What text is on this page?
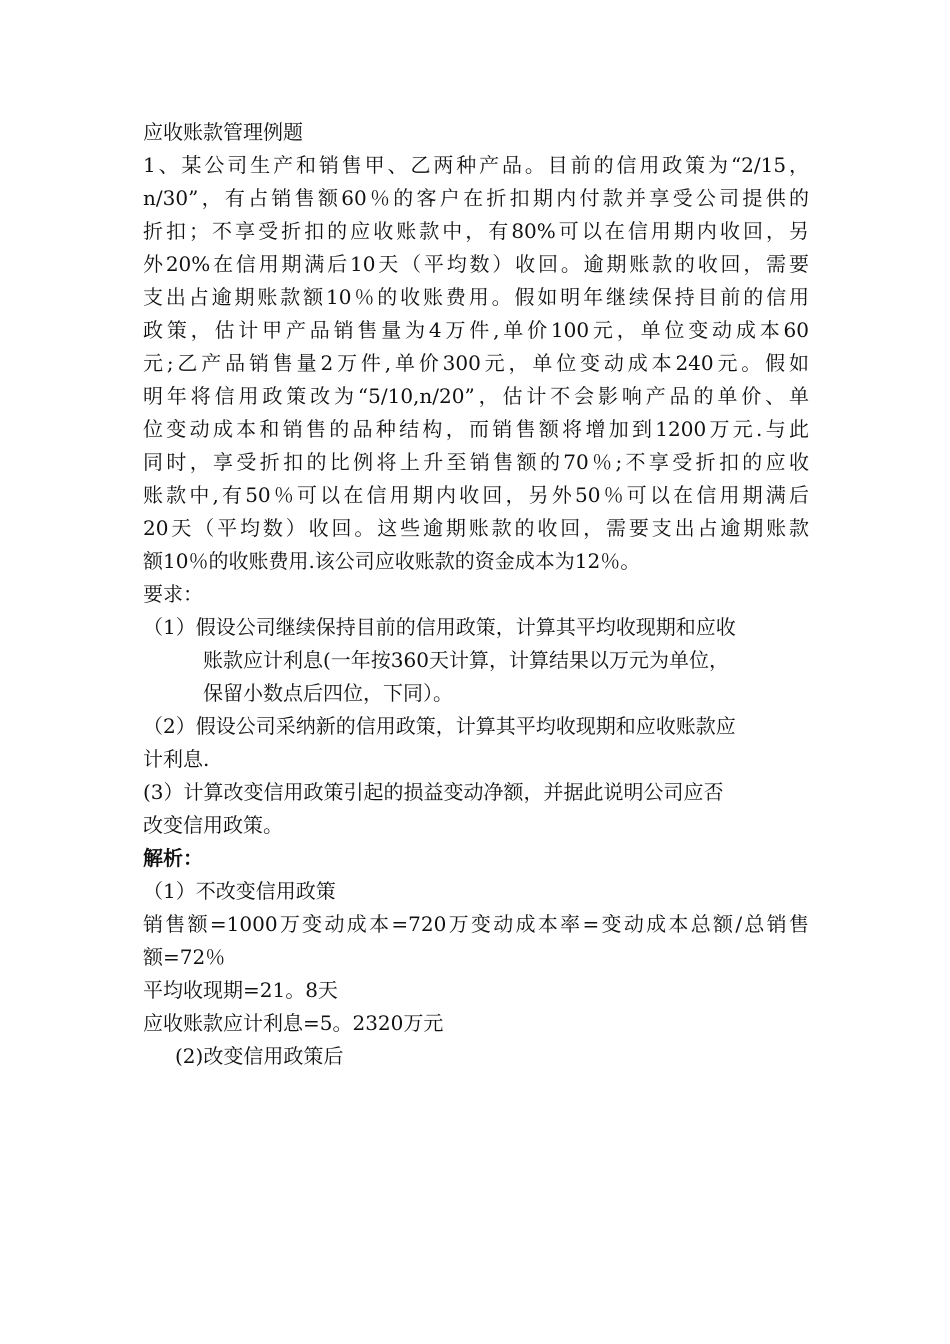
应收账款管理例题
1、某公司生产和销售甲、乙两种产品。目前的信用政策为“2/15，
n/30”，有占销售额60％的客户在折扣期内付款并享受公司提供的
折扣；不享受折扣的应收账款中，有80%可以在信用期内收回，另
外20%在信用期满后10天（平均数）收回。逾期账款的收回，需要
支出占逾期账款额10％的收账费用。假如明年继续保持目前的信用
政策，估计甲产品销售量为4万件,单价100元，单位变动成本60
元;乙产品销售量2万件,单价300元，单位变动成本240元。假如
明年将信用政策改为“5/10,n/20”，估计不会影响产品的单价、单
位变动成本和销售的品种结构，而销售额将增加到1200万元.与此
同时，享受折扣的比例将上升至销售额的70％;不享受折扣的应收
账款中,有50％可以在信用期内收回，另外50％可以在信用期满后
20天（平均数）收回。这些逾期账款的收回，需要支出占逾期账款
额10％的收账费用.该公司应收账款的资金成本为12％。
要求：
（1）假设公司继续保持目前的信用政策，计算其平均收现期和应收
账款应计利息(一年按360天计算，计算结果以万元为单位，
保留小数点后四位，下同）。
（2）假设公司采纳新的信用政策，计算其平均收现期和应收账款应
计利息.
(3）计算改变信用政策引起的损益变动净额，并据此说明公司应否
改变信用政策。
解析：
（1）不改变信用政策
销售额=1000万变动成本=720万变动成本率=变动成本总额/总销售
额=72％
平均收现期=21。8天
应收账款应计利息=5。2320万元
(2)改变信用政策后
